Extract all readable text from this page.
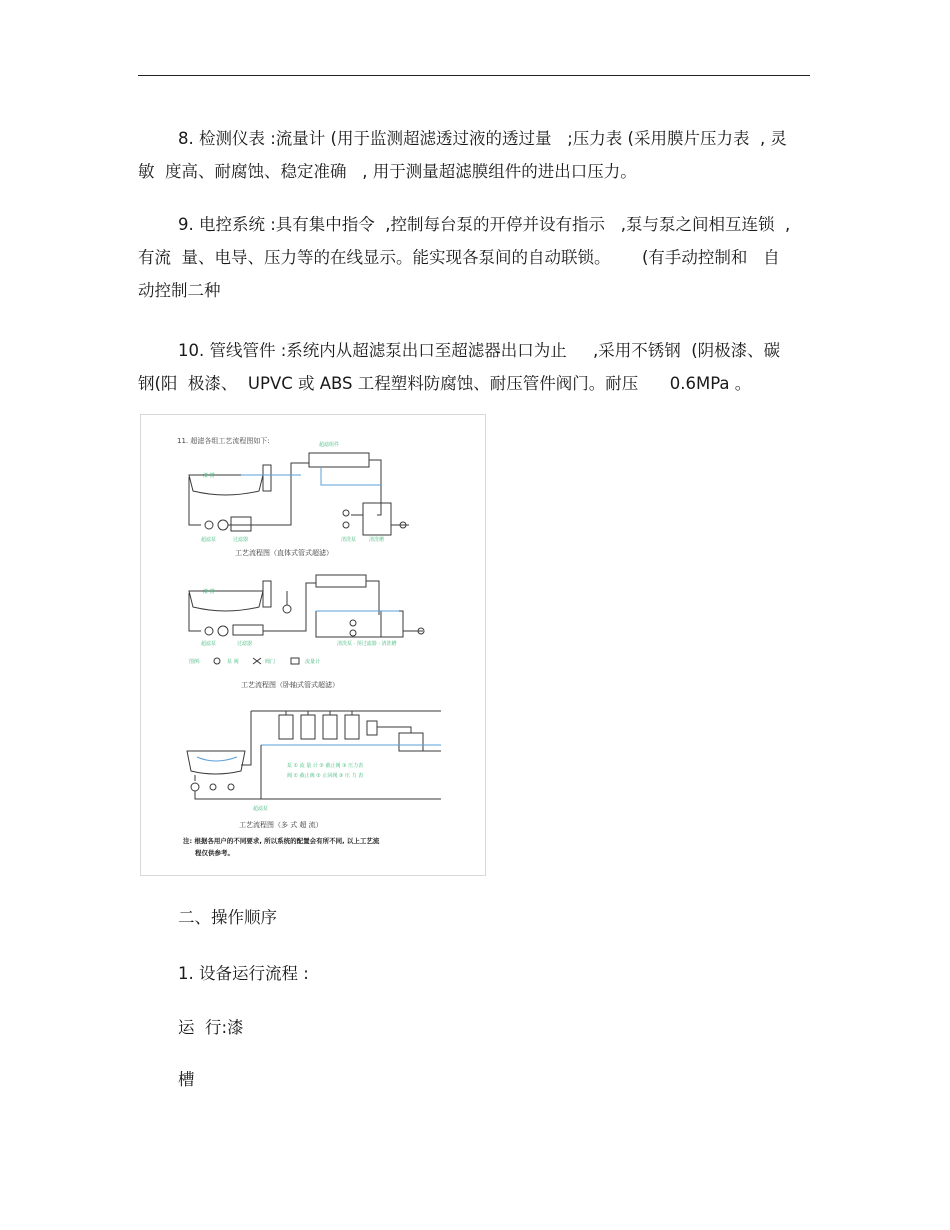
8. 检测仪表 :流量计 (用于监测超滤透过液的透过量   ;压力表 (采用膜片压力表  , 灵
敏  度高、耐腐蚀、稳定准确   , 用于测量超滤膜组件的进出口压力。
9. 电控系统 :具有集中指令  ,控制每台泵的开停并设有指示   ,泵与泵之间相互连锁  ,
有流  量、电导、压力等的在线显示。能实现各泵间的自动联锁。      (有手动控制和   自
动控制二种
10. 管线管件 :系统内从超滤泵出口至超滤器出口为止     ,采用不锈钢  (阴极漆、碳
钢(阳  极漆、  UPVC 或 ABS 工程塑料防腐蚀、耐压管件阀门。耐压      0.6MPa 。
11. 超滤各组工艺流程图如下:
漆 槽
超滤组件
超滤泵	过滤器	清洗泵	清洗槽
工艺流程图（直体式管式超滤）
漆 槽
超滤泵	过滤器	清洗泵 · 预过滤器 · 清洗槽
图例:	泵 阀	阀门	流量计
工艺流程图（卧轴式管式超滤）
泵 ① 流 量 计 ② 截止阀 ③ 压力表
阀 ① 截止阀 ② 止回阀 ③ 压 力 表
超滤泵
工艺流程图（多 式 超 流）
注: 根据各用户的不同要求, 所以系统的配置会有所不同, 以上工艺流
程仅供参考。

二、操作顺序

1. 设备运行流程 :

运  行:漆

槽
